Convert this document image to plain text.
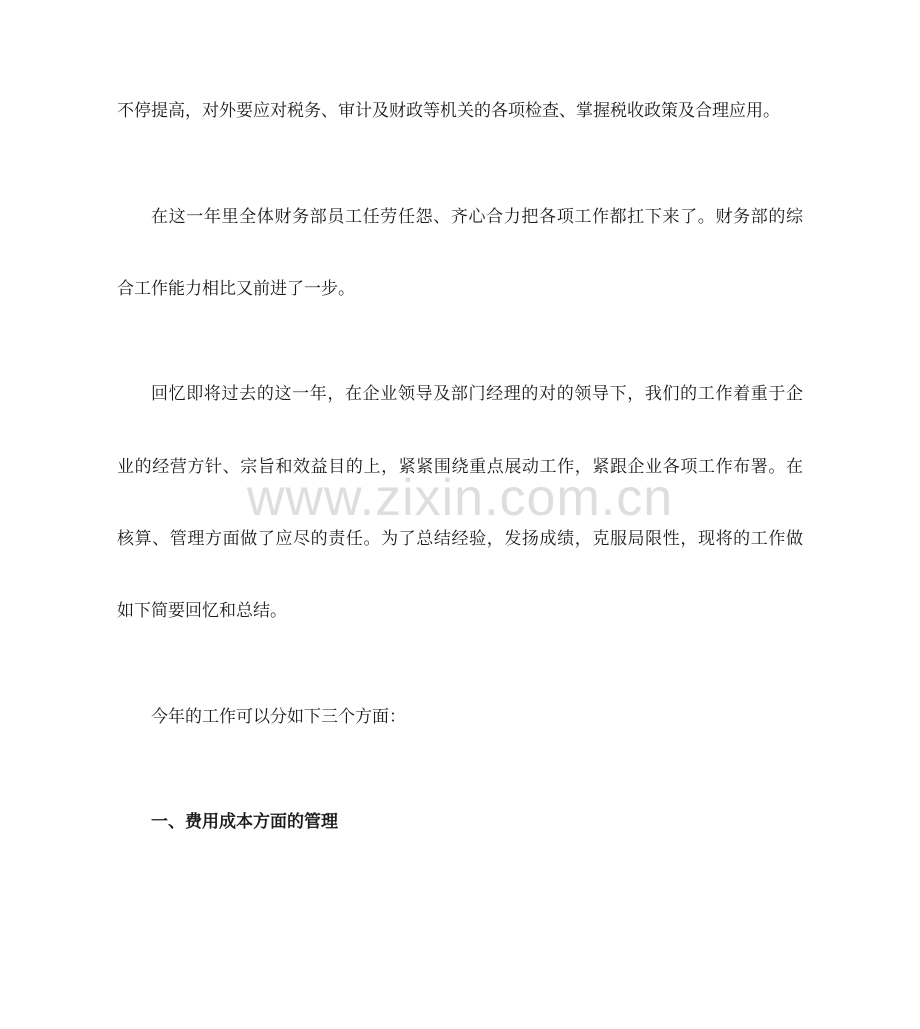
不停提高，对外要应对税务、审计及财政等机关的各项检查、掌握税收政策及合理应用。
在这一年里全体财务部员工任劳任怨、齐心合力把各项工作都扛下来了。财务部的综
合工作能力相比又前进了一步。
回忆即将过去的这一年，在企业领导及部门经理的对的领导下，我们的工作着重于企
业的经营方针、宗旨和效益目的上，紧紧围绕重点展动工作，紧跟企业各项工作布署。在
核算、管理方面做了应尽的责任。为了总结经验，发扬成绩，克服局限性，现将的工作做
如下简要回忆和总结。
今年的工作可以分如下三个方面：
一、费用成本方面的管理
www.zixin.com.cn
